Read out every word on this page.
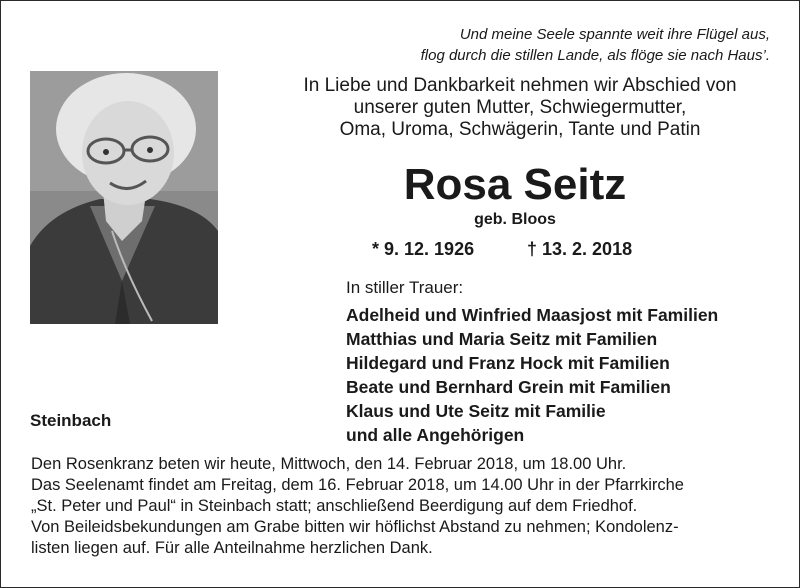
Und meine Seele spannte weit ihre Flügel aus,
flog durch die stillen Lande, als flöge sie nach Haus’.
In Liebe und Dankbarkeit nehmen wir Abschied von
unserer guten Mutter, Schwiegermutter,
Oma, Uroma, Schwägerin, Tante und Patin
Rosa Seitz
geb. Bloos
* 9. 12. 1926	† 13. 2. 2018
In stiller Trauer:
Adelheid und Winfried Maasjost mit Familien
Matthias und Maria Seitz mit Familien
Hildegard und Franz Hock mit Familien
Beate und Bernhard Grein mit Familien
Klaus und Ute Seitz mit Familie
und alle Angehörigen
Steinbach
Den Rosenkranz beten wir heute, Mittwoch, den 14. Februar 2018, um 18.00 Uhr.
Das Seelenamt findet am Freitag, dem 16. Februar 2018, um 14.00 Uhr in der Pfarrkirche
„St. Peter und Paul“ in Steinbach statt; anschließend Beerdigung auf dem Friedhof.
Von Beileidsbekundungen am Grabe bitten wir höflichst Abstand zu nehmen; Kondolenz-
listen liegen auf. Für alle Anteilnahme herzlichen Dank.
